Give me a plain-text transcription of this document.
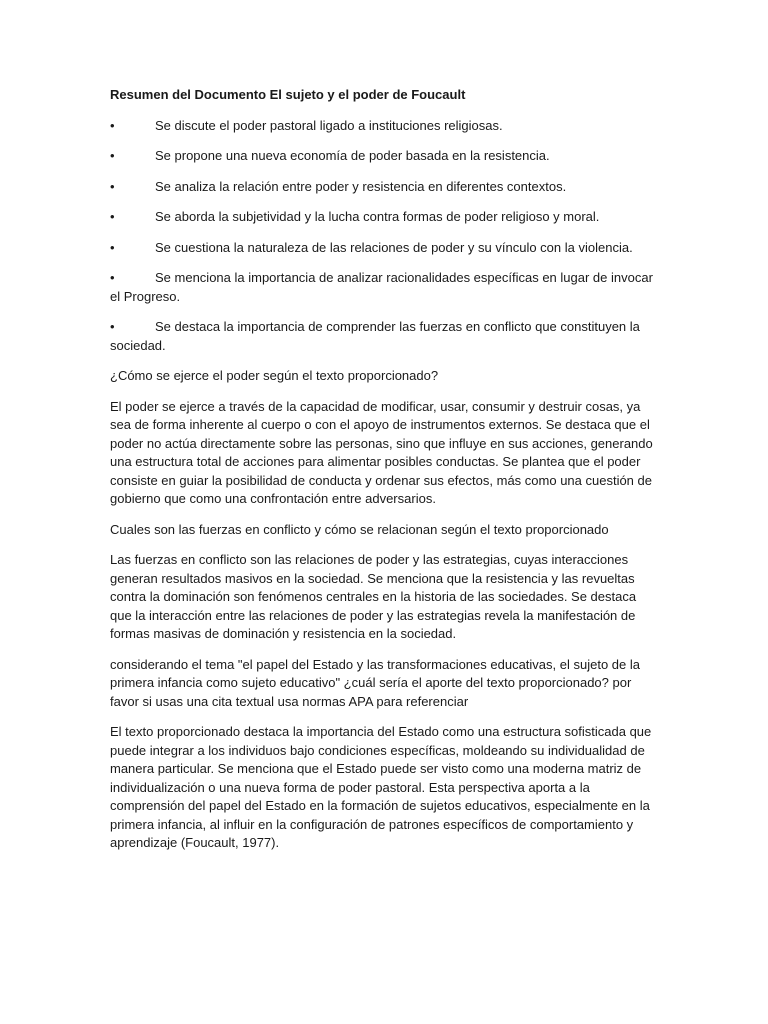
Resumen del Documento El sujeto y el poder de Foucault
•	Se discute el poder pastoral ligado a instituciones religiosas.
•	Se propone una nueva economía de poder basada en la resistencia.
•	Se analiza la relación entre poder y resistencia en diferentes contextos.
•	Se aborda la subjetividad y la lucha contra formas de poder religioso y moral.
•	Se cuestiona la naturaleza de las relaciones de poder y su vínculo con la violencia.
•	Se menciona la importancia de analizar racionalidades específicas en lugar de invocar el Progreso.
•	Se destaca la importancia de comprender las fuerzas en conflicto que constituyen la sociedad.
¿Cómo se ejerce el poder según el texto proporcionado?
El poder se ejerce a través de la capacidad de modificar, usar, consumir y destruir cosas, ya sea de forma inherente al cuerpo o con el apoyo de instrumentos externos. Se destaca que el poder no actúa directamente sobre las personas, sino que influye en sus acciones, generando una estructura total de acciones para alimentar posibles conductas. Se plantea que el poder consiste en guiar la posibilidad de conducta y ordenar sus efectos, más como una cuestión de gobierno que como una confrontación entre adversarios.
Cuales son las fuerzas en conflicto y cómo se relacionan según el texto proporcionado
Las fuerzas en conflicto son las relaciones de poder y las estrategias, cuyas interacciones generan resultados masivos en la sociedad. Se menciona que la resistencia y las revueltas contra la dominación son fenómenos centrales en la historia de las sociedades. Se destaca que la interacción entre las relaciones de poder y las estrategias revela la manifestación de formas masivas de dominación y resistencia en la sociedad.
considerando el tema "el papel del Estado y las transformaciones educativas, el sujeto de la primera infancia como sujeto educativo" ¿cuál sería el aporte del texto proporcionado? por favor si usas una cita textual usa normas APA para referenciar
El texto proporcionado destaca la importancia del Estado como una estructura sofisticada que puede integrar a los individuos bajo condiciones específicas, moldeando su individualidad de manera particular. Se menciona que el Estado puede ser visto como una moderna matriz de individualización o una nueva forma de poder pastoral. Esta perspectiva aporta a la comprensión del papel del Estado en la formación de sujetos educativos, especialmente en la primera infancia, al influir en la configuración de patrones específicos de comportamiento y aprendizaje (Foucault, 1977).
